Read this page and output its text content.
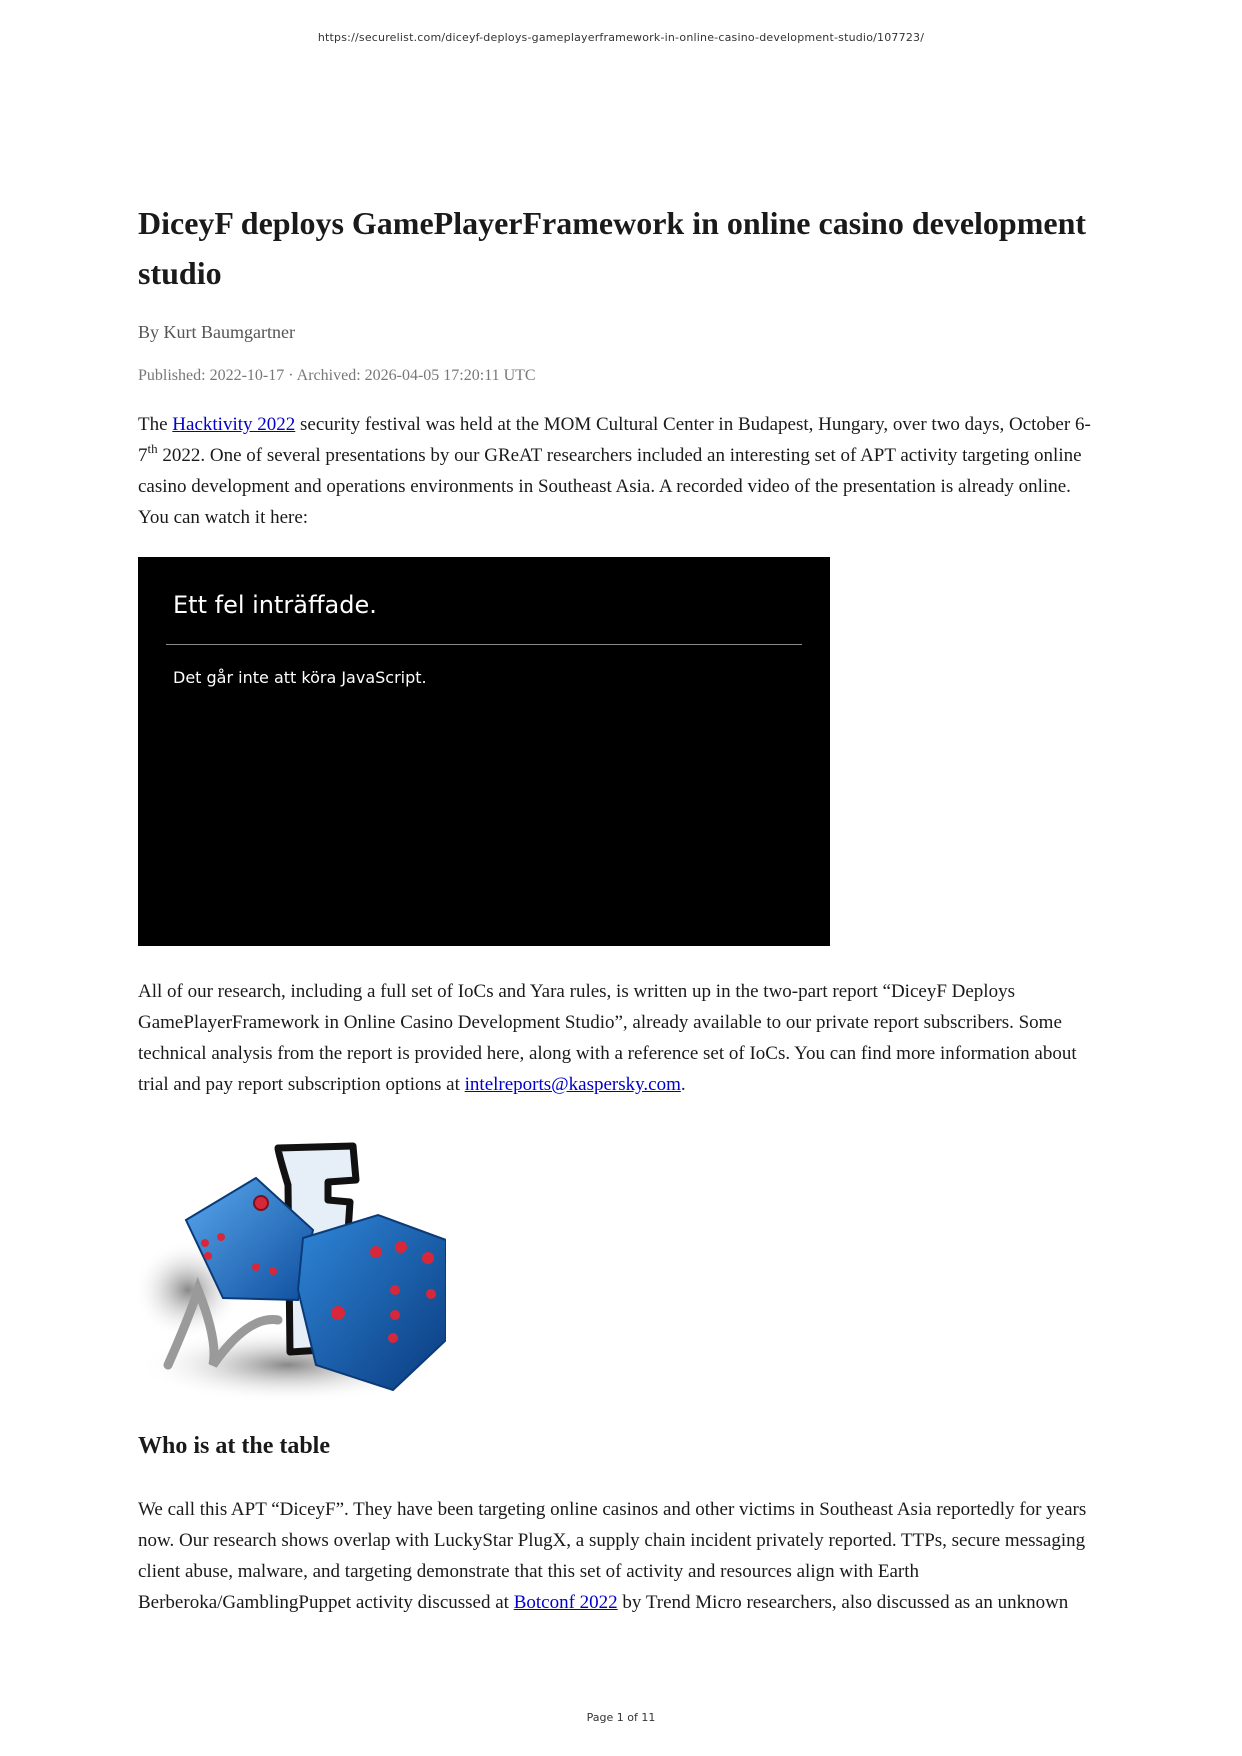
https://securelist.com/diceyf-deploys-gameplayerframework-in-online-casino-development-studio/107723/
DiceyF deploys GamePlayerFramework in online casino development studio
By Kurt Baumgartner
Published: 2022-10-17 · Archived: 2026-04-05 17:20:11 UTC

The Hacktivity 2022 security festival was held at the MOM Cultural Center in Budapest, Hungary, over two days, October 6-7th 2022. One of several presentations by our GReAT researchers included an interesting set of APT activity targeting online casino development and operations environments in Southeast Asia. A recorded video of the presentation is already online. You can watch it here:

Ett fel inträffade.
Det går inte att köra JavaScript.

All of our research, including a full set of IoCs and Yara rules, is written up in the two-part report “DiceyF Deploys GamePlayerFramework in Online Casino Development Studio”, already available to our private report subscribers. Some technical analysis from the report is provided here, along with a reference set of IoCs. You can find more information about trial and pay report subscription options at intelreports@kaspersky.com.

Who is at the table

We call this APT “DiceyF”. They have been targeting online casinos and other victims in Southeast Asia reportedly for years now. Our research shows overlap with LuckyStar PlugX, a supply chain incident privately reported. TTPs, secure messaging client abuse, malware, and targeting demonstrate that this set of activity and resources align with Earth Berberoka/GamblingPuppet activity discussed at Botconf 2022 by Trend Micro researchers, also discussed as an unknown

Page 1 of 11
